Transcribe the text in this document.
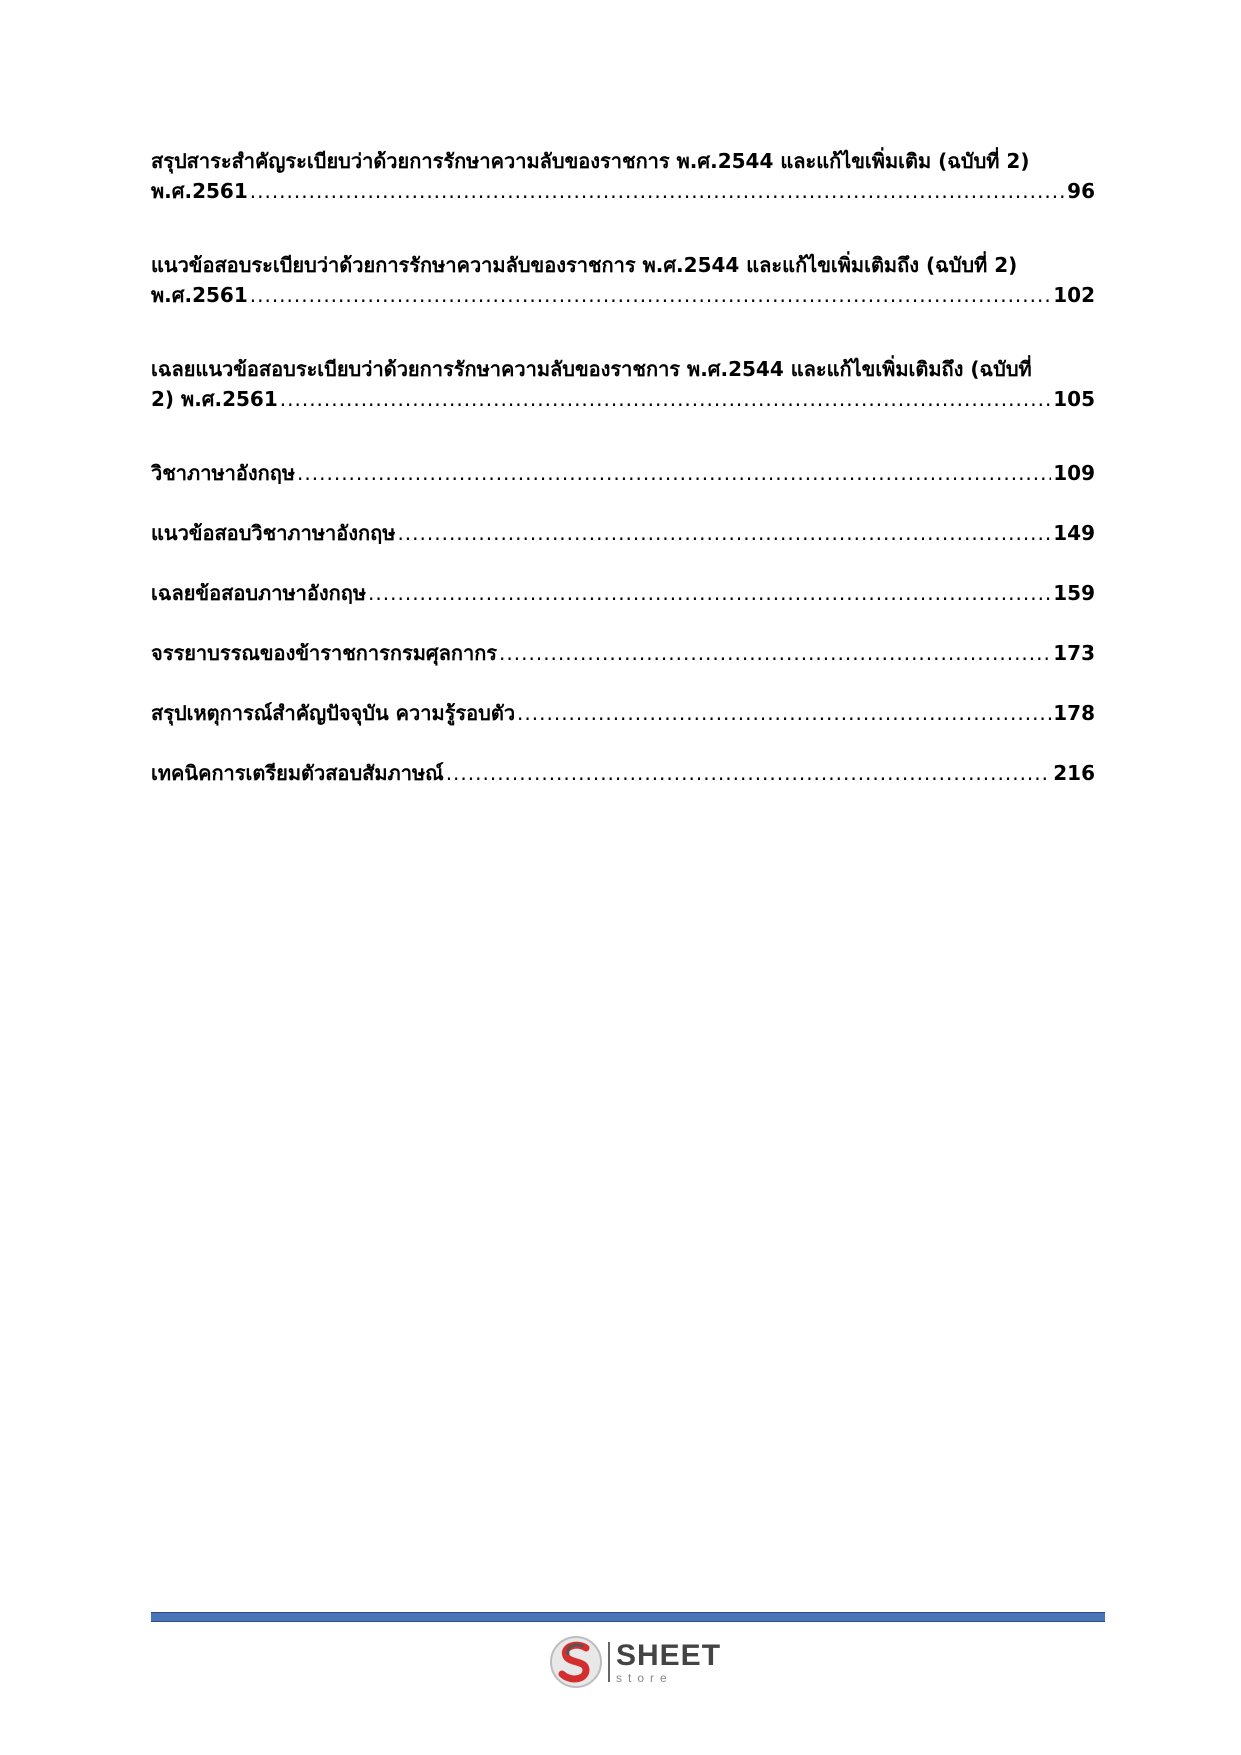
สรุปสาระสำคัญระเบียบว่าด้วยการรักษาความลับของราชการ พ.ศ.2544 และแก้ไขเพิ่มเติม (ฉบับที่ 2)
พ.ศ.2561 .....	96
แนวข้อสอบระเบียบว่าด้วยการรักษาความลับของราชการ พ.ศ.2544 และแก้ไขเพิ่มเติมถึง (ฉบับที่ 2)
พ.ศ.2561 .....	102
เฉลยแนวข้อสอบระเบียบว่าด้วยการรักษาความลับของราชการ พ.ศ.2544 และแก้ไขเพิ่มเติมถึง (ฉบับที่
2) พ.ศ.2561 .....	105
วิชาภาษาอังกฤษ .....	109
แนวข้อสอบวิชาภาษาอังกฤษ .....	149
เฉลยข้อสอบภาษาอังกฤษ .....	159
จรรยาบรรณของข้าราชการกรมศุลกากร .....	173
สรุปเหตุการณ์สำคัญปัจจุบัน ความรู้รอบตัว .....	178
เทคนิคการเตรียมตัวสอบสัมภาษณ์ .....	216
SHEET
store
